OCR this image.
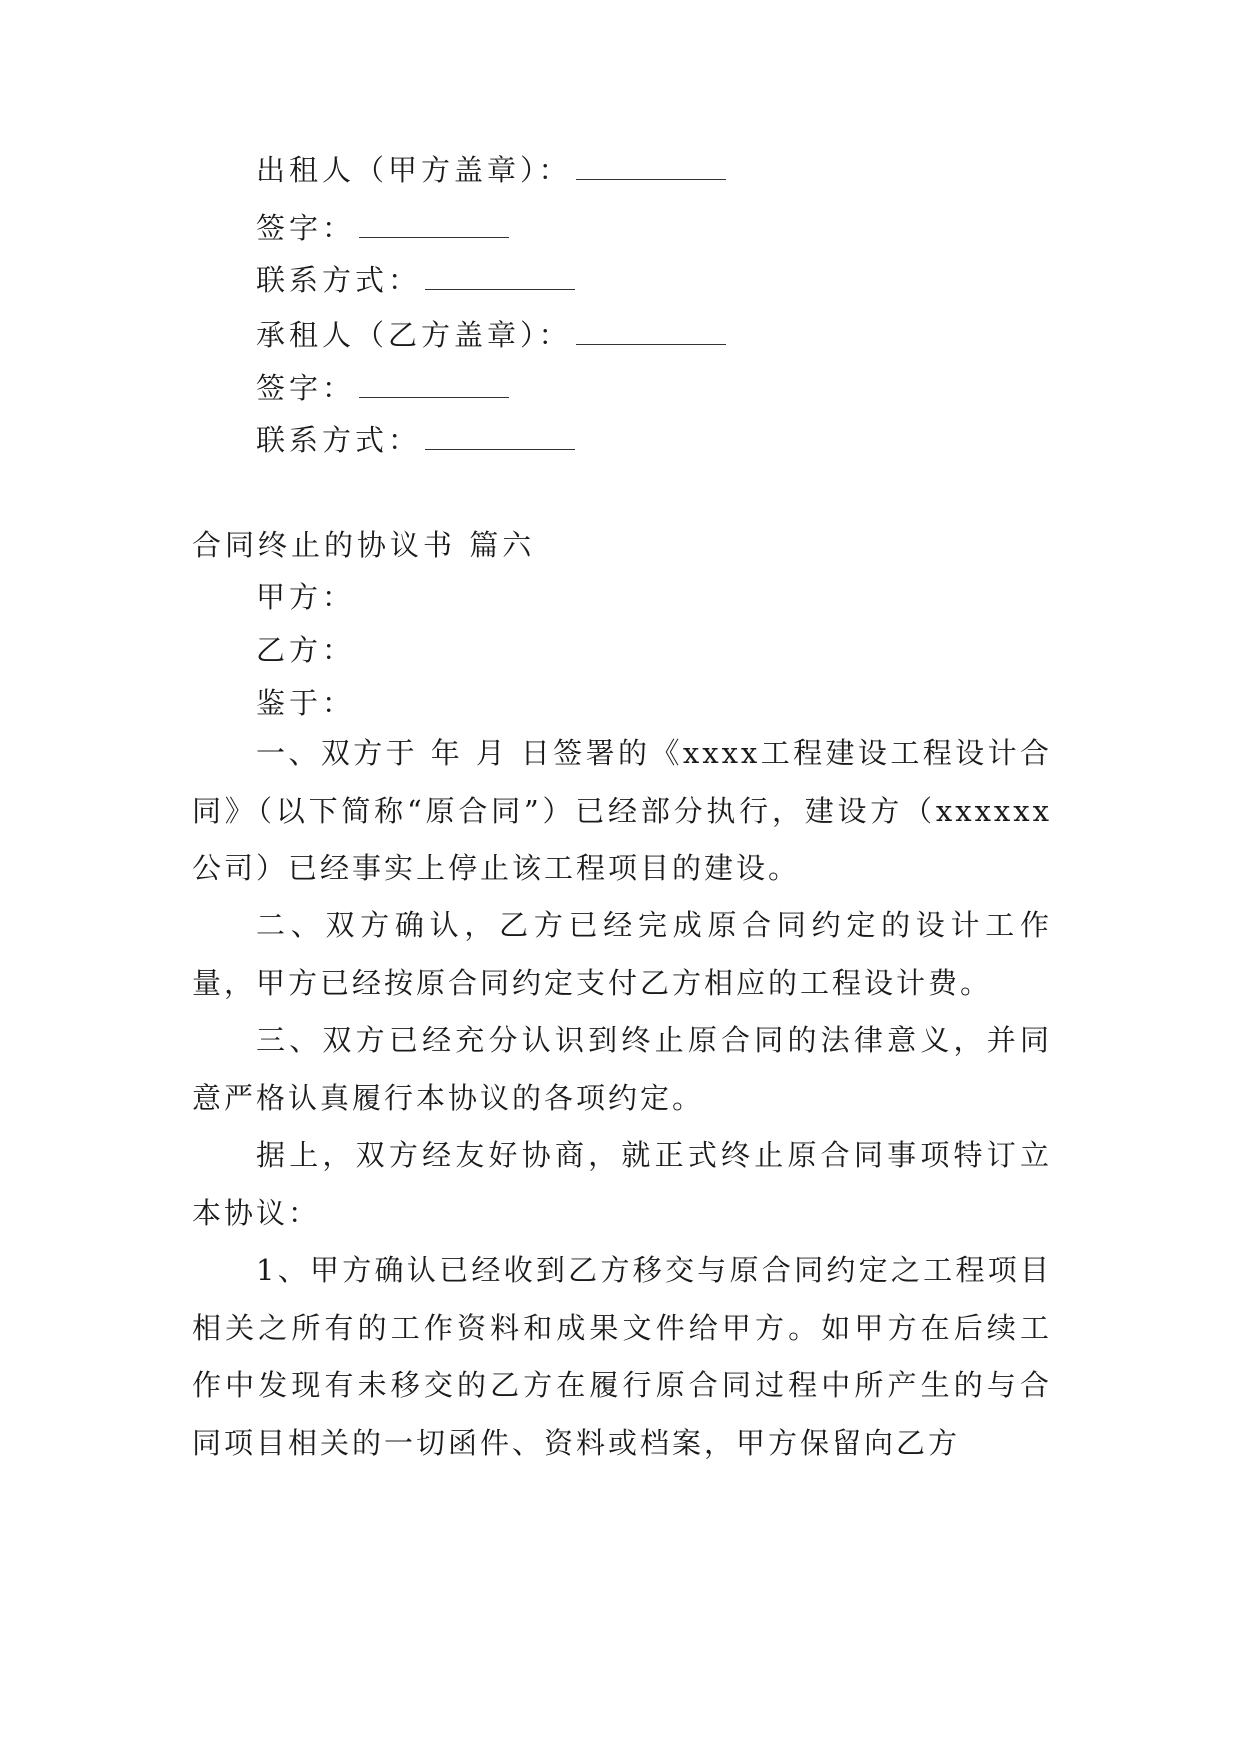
出租人（甲方盖章）：
签字：
联系方式：
承租人（乙方盖章）：
签字：
联系方式：
合同终止的协议书 篇六
甲方：
乙方：
鉴于：
一、双方于 年 月 日签署的《xxxx工程建设工程设计合同》（以下简称“原合同”）已经部分执行，建设方（xxxxxx公司）已经事实上停止该工程项目的建设。
二、双方确认，乙方已经完成原合同约定的设计工作量，甲方已经按原合同约定支付乙方相应的工程设计费。
三、双方已经充分认识到终止原合同的法律意义，并同意严格认真履行本协议的各项约定。
据上，双方经友好协商，就正式终止原合同事项特订立本协议：
1、甲方确认已经收到乙方移交与原合同约定之工程项目相关之所有的工作资料和成果文件给甲方。如甲方在后续工作中发现有未移交的乙方在履行原合同过程中所产生的与合同项目相关的一切函件、资料或档案，甲方保留向乙方
